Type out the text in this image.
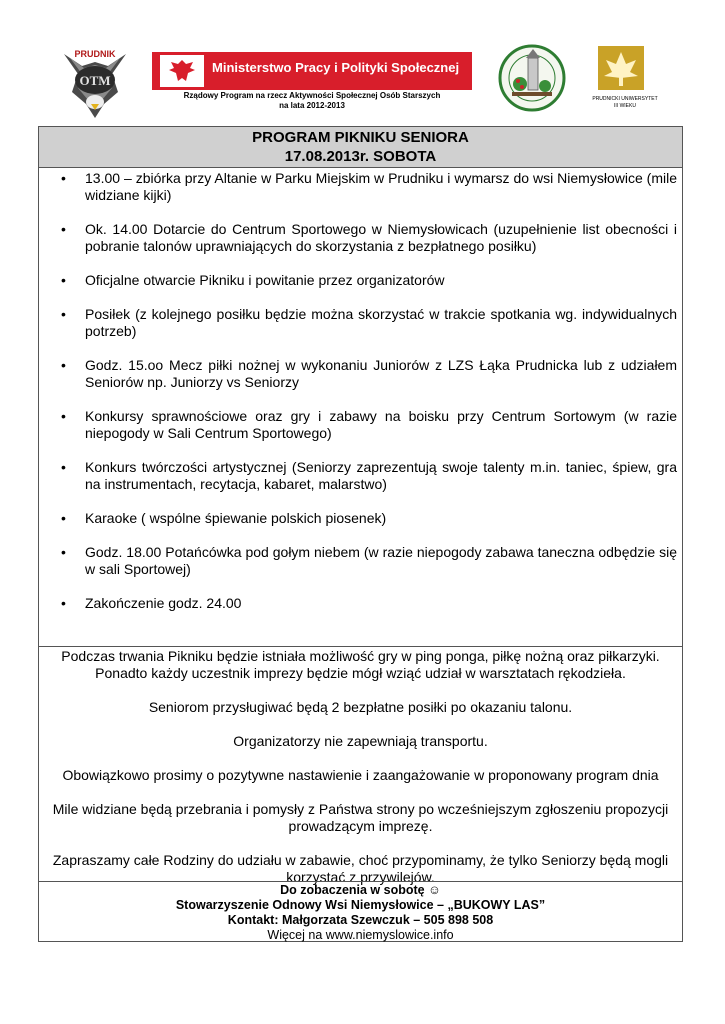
PRUDNIK
OTM
Ministerstwo Pracy i Polityki Społecznej
Rządowy Program na rzecz Aktywności Społecznej Osób Starszych
na lata 2012-2013
PRUDNICKI UNIWERSYTET III WIEKU
PROGRAM PIKNIKU SENIORA
17.08.2013r. SOBOTA
• 13.00 – zbiórka przy Altanie w Parku Miejskim w Prudniku i wymarsz do wsi Niemysłowice (mile widziane kijki)
• Ok. 14.00 Dotarcie do Centrum Sportowego w Niemysłowicach (uzupełnienie list obecności i pobranie talonów uprawniających do skorzystania z bezpłatnego posiłku)
• Oficjalne otwarcie Pikniku i powitanie przez organizatorów
• Posiłek (z kolejnego posiłku będzie można skorzystać w trakcie spotkania wg. indywidualnych potrzeb)
• Godz. 15.oo Mecz piłki nożnej w wykonaniu Juniorów z LZS Łąka Prudnicka lub z udziałem Seniorów np. Juniorzy vs Seniorzy
• Konkursy sprawnościowe oraz gry i zabawy na boisku przy Centrum Sortowym (w razie niepogody w Sali Centrum Sportowego)
• Konkurs twórczości artystycznej (Seniorzy zaprezentują swoje talenty m.in. taniec, śpiew, gra na instrumentach, recytacja, kabaret, malarstwo)
• Karaoke ( wspólne śpiewanie polskich piosenek)
• Godz. 18.00 Potańcówka pod gołym niebem (w razie niepogody zabawa taneczna odbędzie się w sali Sportowej)
• Zakończenie godz. 24.00

Podczas trwania Pikniku będzie istniała możliwość gry w ping ponga, piłkę nożną oraz piłkarzyki. Ponadto każdy uczestnik imprezy będzie mógł wziąć udział w warsztatach rękodzieła.

Seniorom przysługiwać będą 2 bezpłatne posiłki po okazaniu talonu.

Organizatorzy nie zapewniają transportu.

Obowiązkowo prosimy o pozytywne nastawienie i zaangażowanie w proponowany program dnia

Mile widziane będą przebrania i pomysły z Państwa strony po wcześniejszym zgłoszeniu propozycji prowadzącym imprezę.

Zapraszamy całe Rodziny do udziału w zabawie, choć przypominamy, że tylko Seniorzy będą mogli korzystać z przywilejów.

Do zobaczenia w sobotę ☺
Stowarzyszenie Odnowy Wsi Niemysłowice – „BUKOWY LAS”
Kontakt: Małgorzata Szewczuk – 505 898 508
Więcej na www.niemyslowice.info
